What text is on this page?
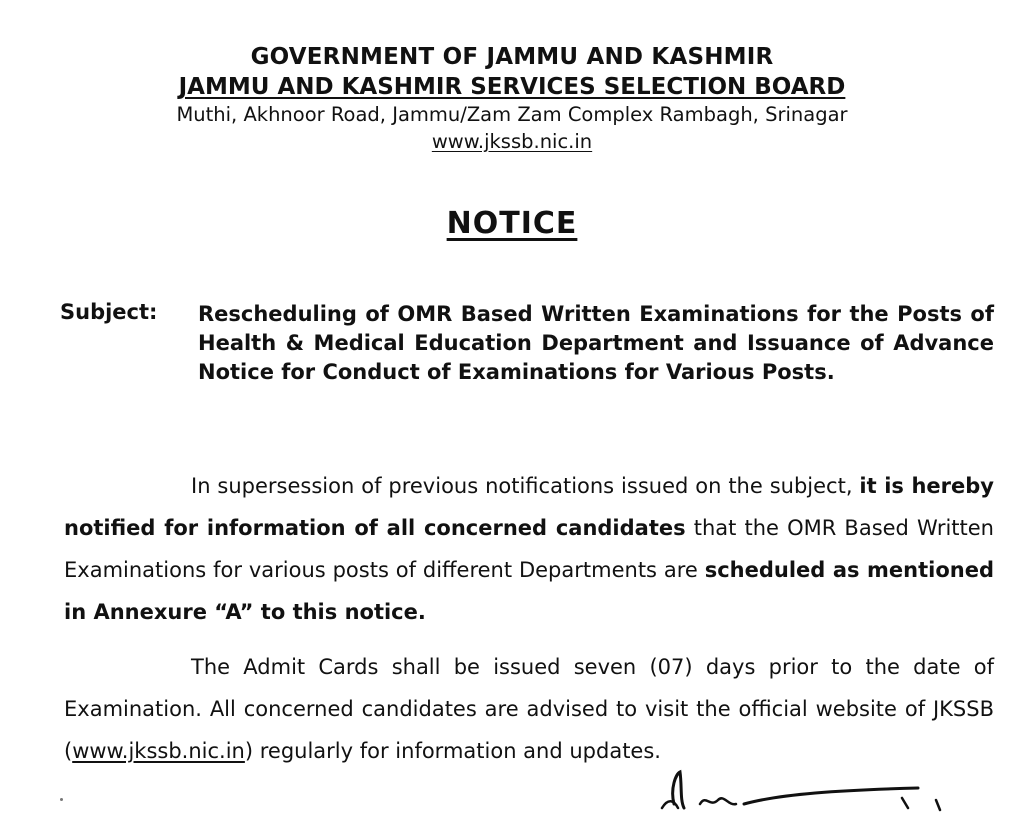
GOVERNMENT OF JAMMU AND KASHMIR
JAMMU AND KASHMIR SERVICES SELECTION BOARD
Muthi, Akhnoor Road, Jammu/Zam Zam Complex Rambagh, Srinagar
www.jkssb.nic.in
NOTICE
Subject: Rescheduling of OMR Based Written Examinations for the Posts of Health & Medical Education Department and Issuance of Advance Notice for Conduct of Examinations for Various Posts.

In supersession of previous notifications issued on the subject, it is hereby notified for information of all concerned candidates that the OMR Based Written Examinations for various posts of different Departments are scheduled as mentioned in Annexure “A” to this notice.

The Admit Cards shall be issued seven (07) days prior to the date of Examination. All concerned candidates are advised to visit the official website of JKSSB (www.jkssb.nic.in) regularly for information and updates.
